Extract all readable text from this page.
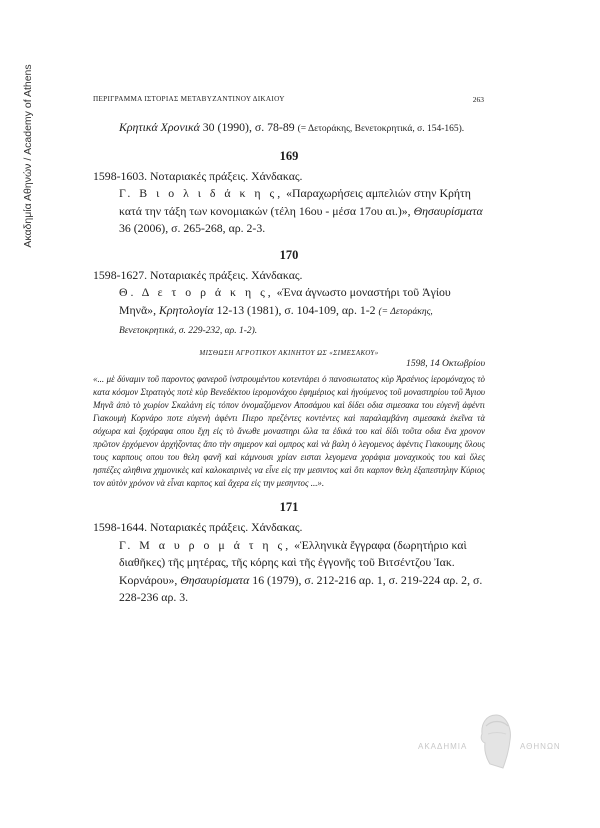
Ακαδημία Αθηνών / Academy of Athens	ΠΕΡΙΓΡΑΜΜΑ ΙΣΤΟΡΙΑΣ ΜΕΤΑΒΥΖΑΝΤΙΝΟΥ ΔΙΚΑΙΟΥ	263

Κρητικά Χρονικά 30 (1990), σ. 78-89 (= Δετοράκης, Βενετοκρητικά, σ. 154-165).

169

1598-1603. Νοταριακές πράξεις. Χάνδακας.

Γ. Β ι ο λ ι δ ά κ η ς, «Παραχωρήσεις αμπελιών στην Κρήτη κατά την τάξη των κονομιακών (τέλη 16ου - μέσα 17ου αι.)», Θησαυρίσματα 36 (2006), σ. 265-268, αρ. 2-3.

170

1598-1627. Νοταριακές πράξεις. Χάνδακας.

Θ. Δ ε τ ο ρ ά κ η ς, «Ένα άγνωστο μοναστήρι τοῦ Ἁγίου Μηνᾶ», Κρητολογία 12-13 (1981), σ. 104-109, αρ. 1-2 (= Δετοράκης, Βενετοκρητικά, σ. 229-232, αρ. 1-2).

ΜΙΣΘΩΣΗ ΑΓΡΟΤΙΚΟΥ ΑΚΙΝΗΤΟΥ ΩΣ «ΣΙΜΕΣΑΚΟΥ»
1598, 14 Οκτωβρίου

«... μὲ δύναμιν τοῦ παροντος φανεροῦ ἰνστρουμέντου κοτεντάρει ὁ πανοσιωτατος κὺρ Ἀρσένιος ἱερομόναχος τὸ κατα κόσμον Στρατιγὸς ποτὲ κὺρ Βενεδέκτου ἱερομονάχου ἐφημέριος καὶ ἡγούμενος τοῦ μοναστηρίου τοῦ Ἁγιου Μηνᾶ ἀπὸ τὸ χωρίον Σκαλάνη εἰς τόπον ὀνομαζόμενον Αποσάμου καὶ δίδει οδια σιμεσακα του εὐγενῆ ἀφέντι Γιακουμὴ Κορνάρο ποτε εὐγενὴ ἀφέντι Πιερο πρεζέντες κοντέντες καὶ παραλαμβάνη σιμεσακὰ ἐκεῖνα τὰ σόχωρα καὶ ξοχόραφα οπου ἔχη εἰς τὸ ἄνωθε μοναστηρι ὥλα τα ἐδικά του καὶ δίδι τοῦτα οδια ἕνα χρονον πρῶτον ἐρχόμενον ἀρχήζοντας ἄπο τὴν σημερον καὶ ομπρος καὶ νὰ βαλη ὁ λεγομενος ἀφέντις Γιακουμης ὅλους τους καρπους οπου του θελη φανῆ καὶ κάμνουσι χρίαν εισται λεγομενα χοράφια μοναχικοὺς του καὶ ὅλες ησπέζες αληθινα χημονικὲς καὶ καλοκαιρινὲς να εἶνε εἰς την μεσιντος καὶ ὅτι καρπον θελη ἐξαπεστηλην Κύριος τον αὐτὸν χρόνον νὰ εἶναι καρπος καὶ ἄχερα εἰς την μεσηντος ...».

171

1598-1644. Νοταριακές πράξεις. Χάνδακας.

Γ. Μ α υ ρ ο μ ά τ η ς, «Ἑλληνικὰ ἔγγραφα (δωρητήριο καὶ διαθῆκες) τῆς μητέρας, τῆς κόρης καὶ τῆς ἐγγονῆς τοῦ Βιτσέντζου Ἰακ. Κορνάρου», Θησαυρίσματα 16 (1979), σ. 212-216 αρ. 1, σ. 219-224 αρ. 2, σ. 228-236 αρ. 3.

ΑΚΑΔΗΜΙΑ	ΑΘΗΝΩΝ
